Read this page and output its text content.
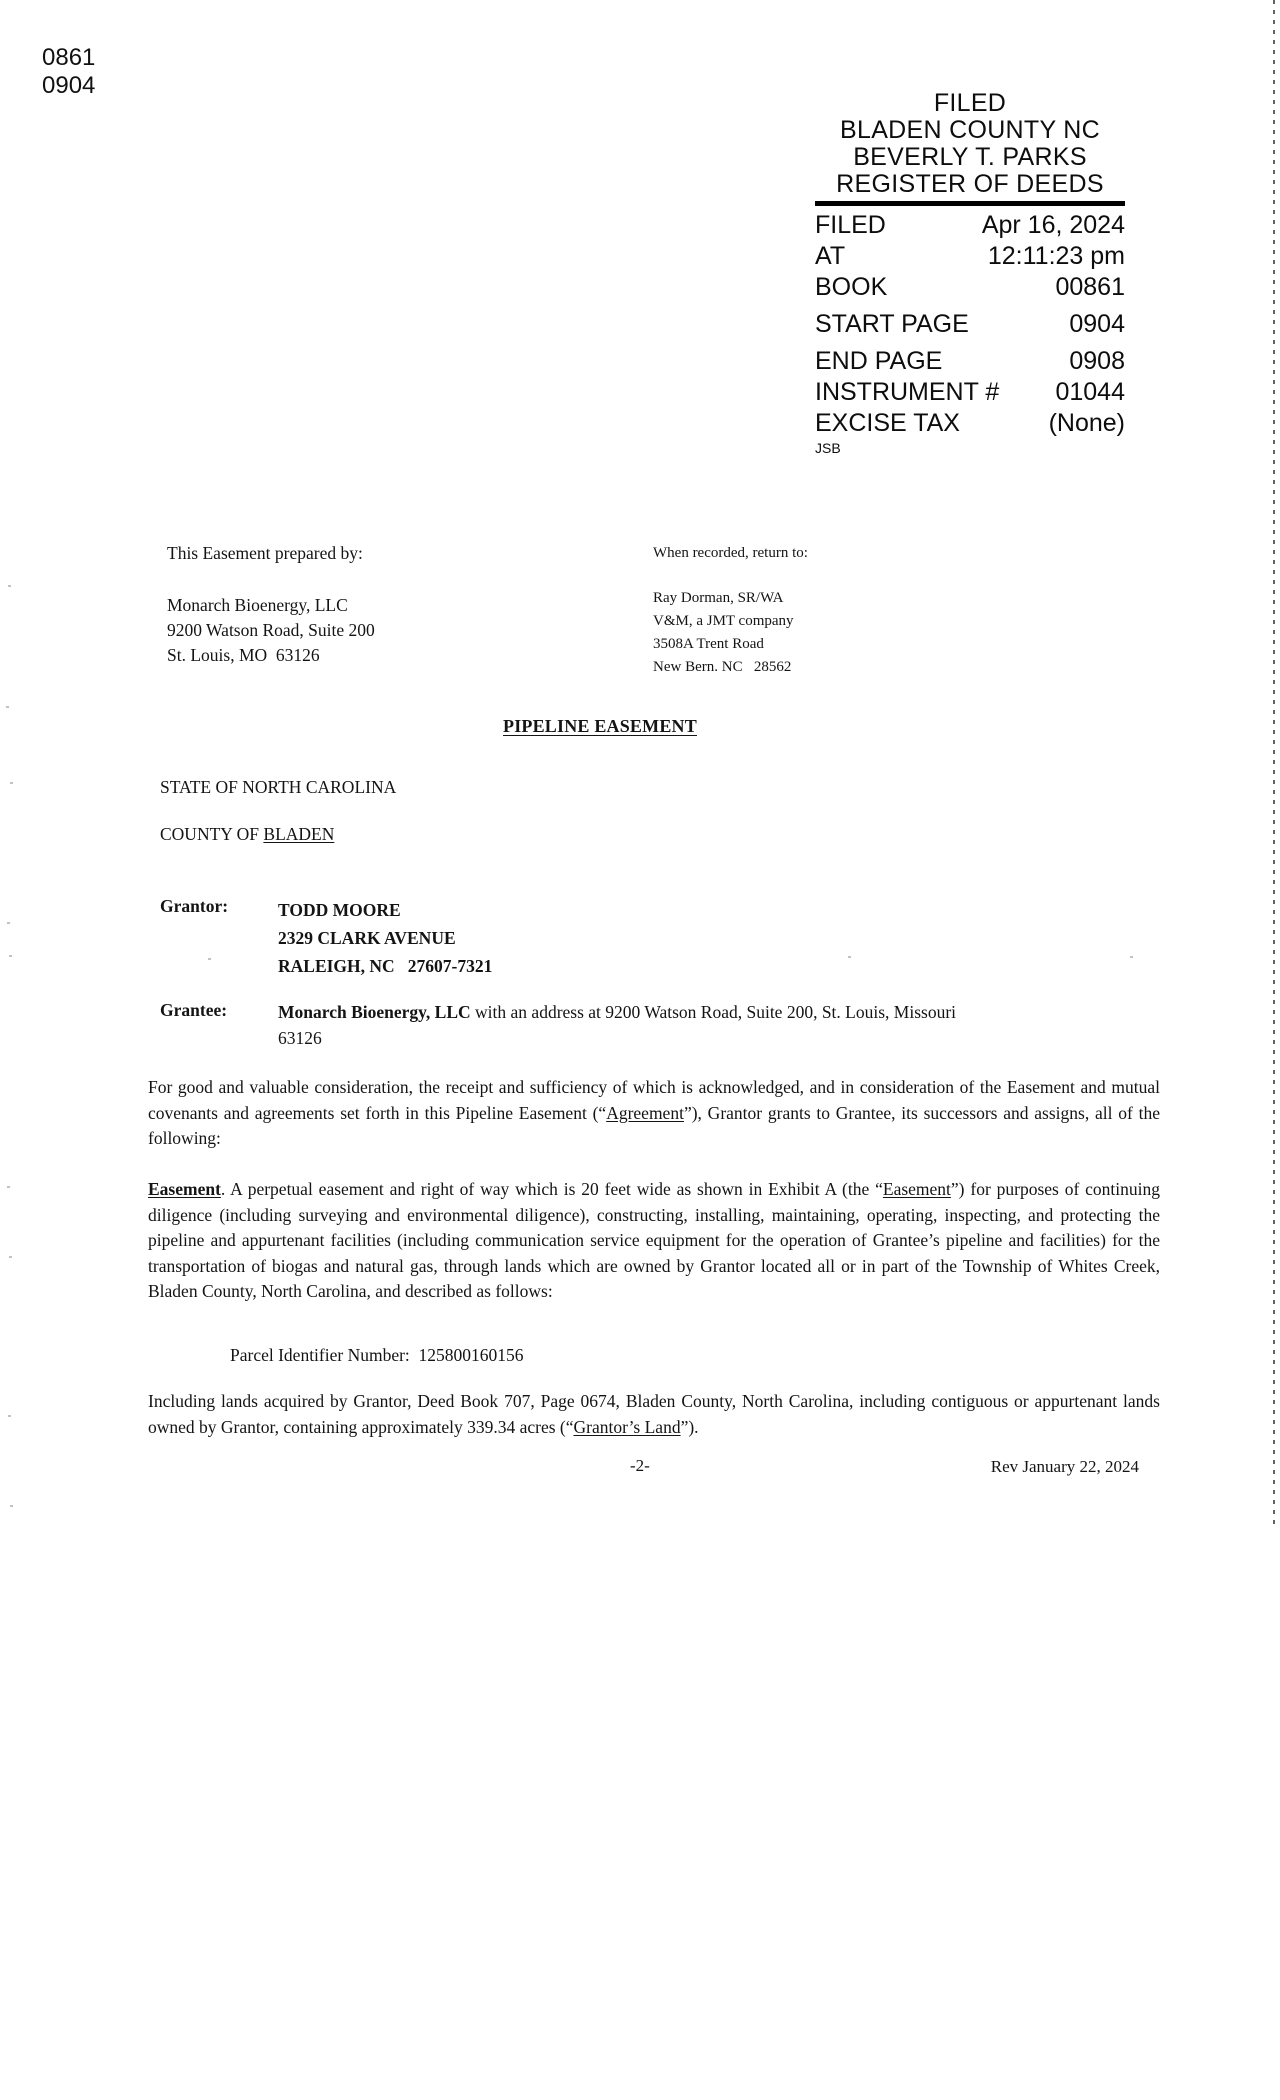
0861
0904
FILED
BLADEN COUNTY NC
BEVERLY T. PARKS
REGISTER OF DEEDS
FILED	Apr 16, 2024
AT	12:11:23 pm
BOOK	00861
START PAGE	0904
END PAGE	0908
INSTRUMENT # 01044
EXCISE TAX	(None)
JSB
This Easement prepared by:
Monarch Bioenergy, LLC
9200 Watson Road, Suite 200
St. Louis, MO  63126
When recorded, return to:
Ray Dorman, SR/WA
V&M, a JMT company
3508A Trent Road
New Bern. NC   28562
PIPELINE EASEMENT
STATE OF NORTH CAROLINA
COUNTY OF BLADEN
Grantor:	TODD MOORE
2329 CLARK AVENUE
RALEIGH, NC   27607-7321
Grantee:	Monarch Bioenergy, LLC with an address at 9200 Watson Road, Suite 200, St. Louis, Missouri
63126
For good and valuable consideration, the receipt and sufficiency of which is acknowledged, and in consideration of the Easement and mutual covenants and agreements set forth in this Pipeline Easement (“Agreement”), Grantor grants to Grantee, its successors and assigns, all of the following:
Easement. A perpetual easement and right of way which is 20 feet wide as shown in Exhibit A (the “Easement”) for purposes of continuing diligence (including surveying and environmental diligence), constructing, installing, maintaining, operating, inspecting, and protecting the pipeline and appurtenant facilities (including communication service equipment for the operation of Grantee’s pipeline and facilities) for the transportation of biogas and natural gas, through lands which are owned by Grantor located all or in part of the Township of Whites Creek, Bladen County, North Carolina, and described as follows:
Parcel Identifier Number:  125800160156
Including lands acquired by Grantor, Deed Book 707, Page 0674, Bladen County, North Carolina, including contiguous or appurtenant lands owned by Grantor, containing approximately 339.34 acres (“Grantor’s Land”).
-2-	Rev January 22, 2024
